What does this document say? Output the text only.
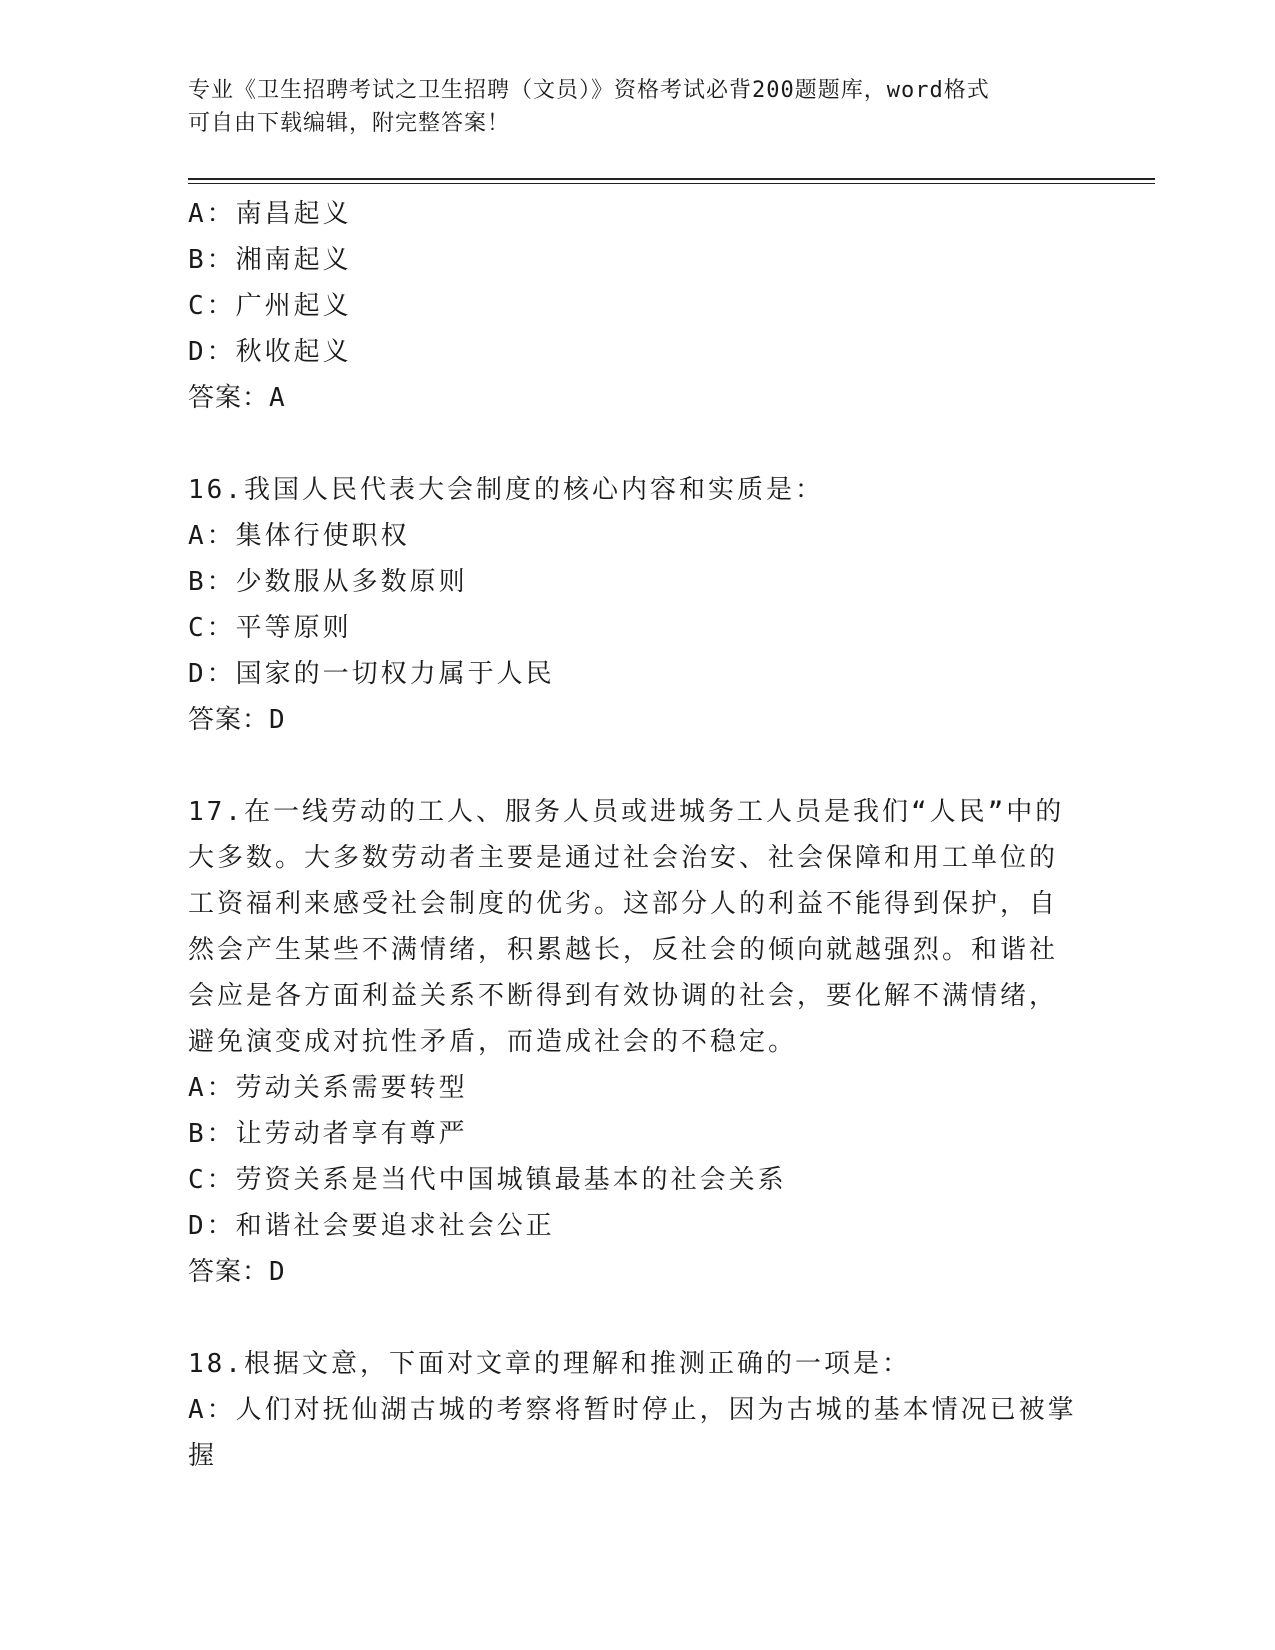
专业《卫生招聘考试之卫生招聘（文员）》资格考试必背200题题库，word格式
可自由下载编辑，附完整答案！
A：南昌起义
B：湘南起义
C：广州起义
D：秋收起义
答案：A
16.我国人民代表大会制度的核心内容和实质是：
A：集体行使职权
B：少数服从多数原则
C：平等原则
D：国家的一切权力属于人民
答案：D
17.在一线劳动的工人、服务人员或进城务工人员是我们“人民”中的
大多数。大多数劳动者主要是通过社会治安、社会保障和用工单位的
工资福利来感受社会制度的优劣。这部分人的利益不能得到保护，自
然会产生某些不满情绪，积累越长，反社会的倾向就越强烈。和谐社
会应是各方面利益关系不断得到有效协调的社会，要化解不满情绪，
避免演变成对抗性矛盾，而造成社会的不稳定。
A：劳动关系需要转型
B：让劳动者享有尊严
C：劳资关系是当代中国城镇最基本的社会关系
D：和谐社会要追求社会公正
答案：D
18.根据文意，下面对文章的理解和推测正确的一项是：
A：人们对抚仙湖古城的考察将暂时停止，因为古城的基本情况已被掌
握
